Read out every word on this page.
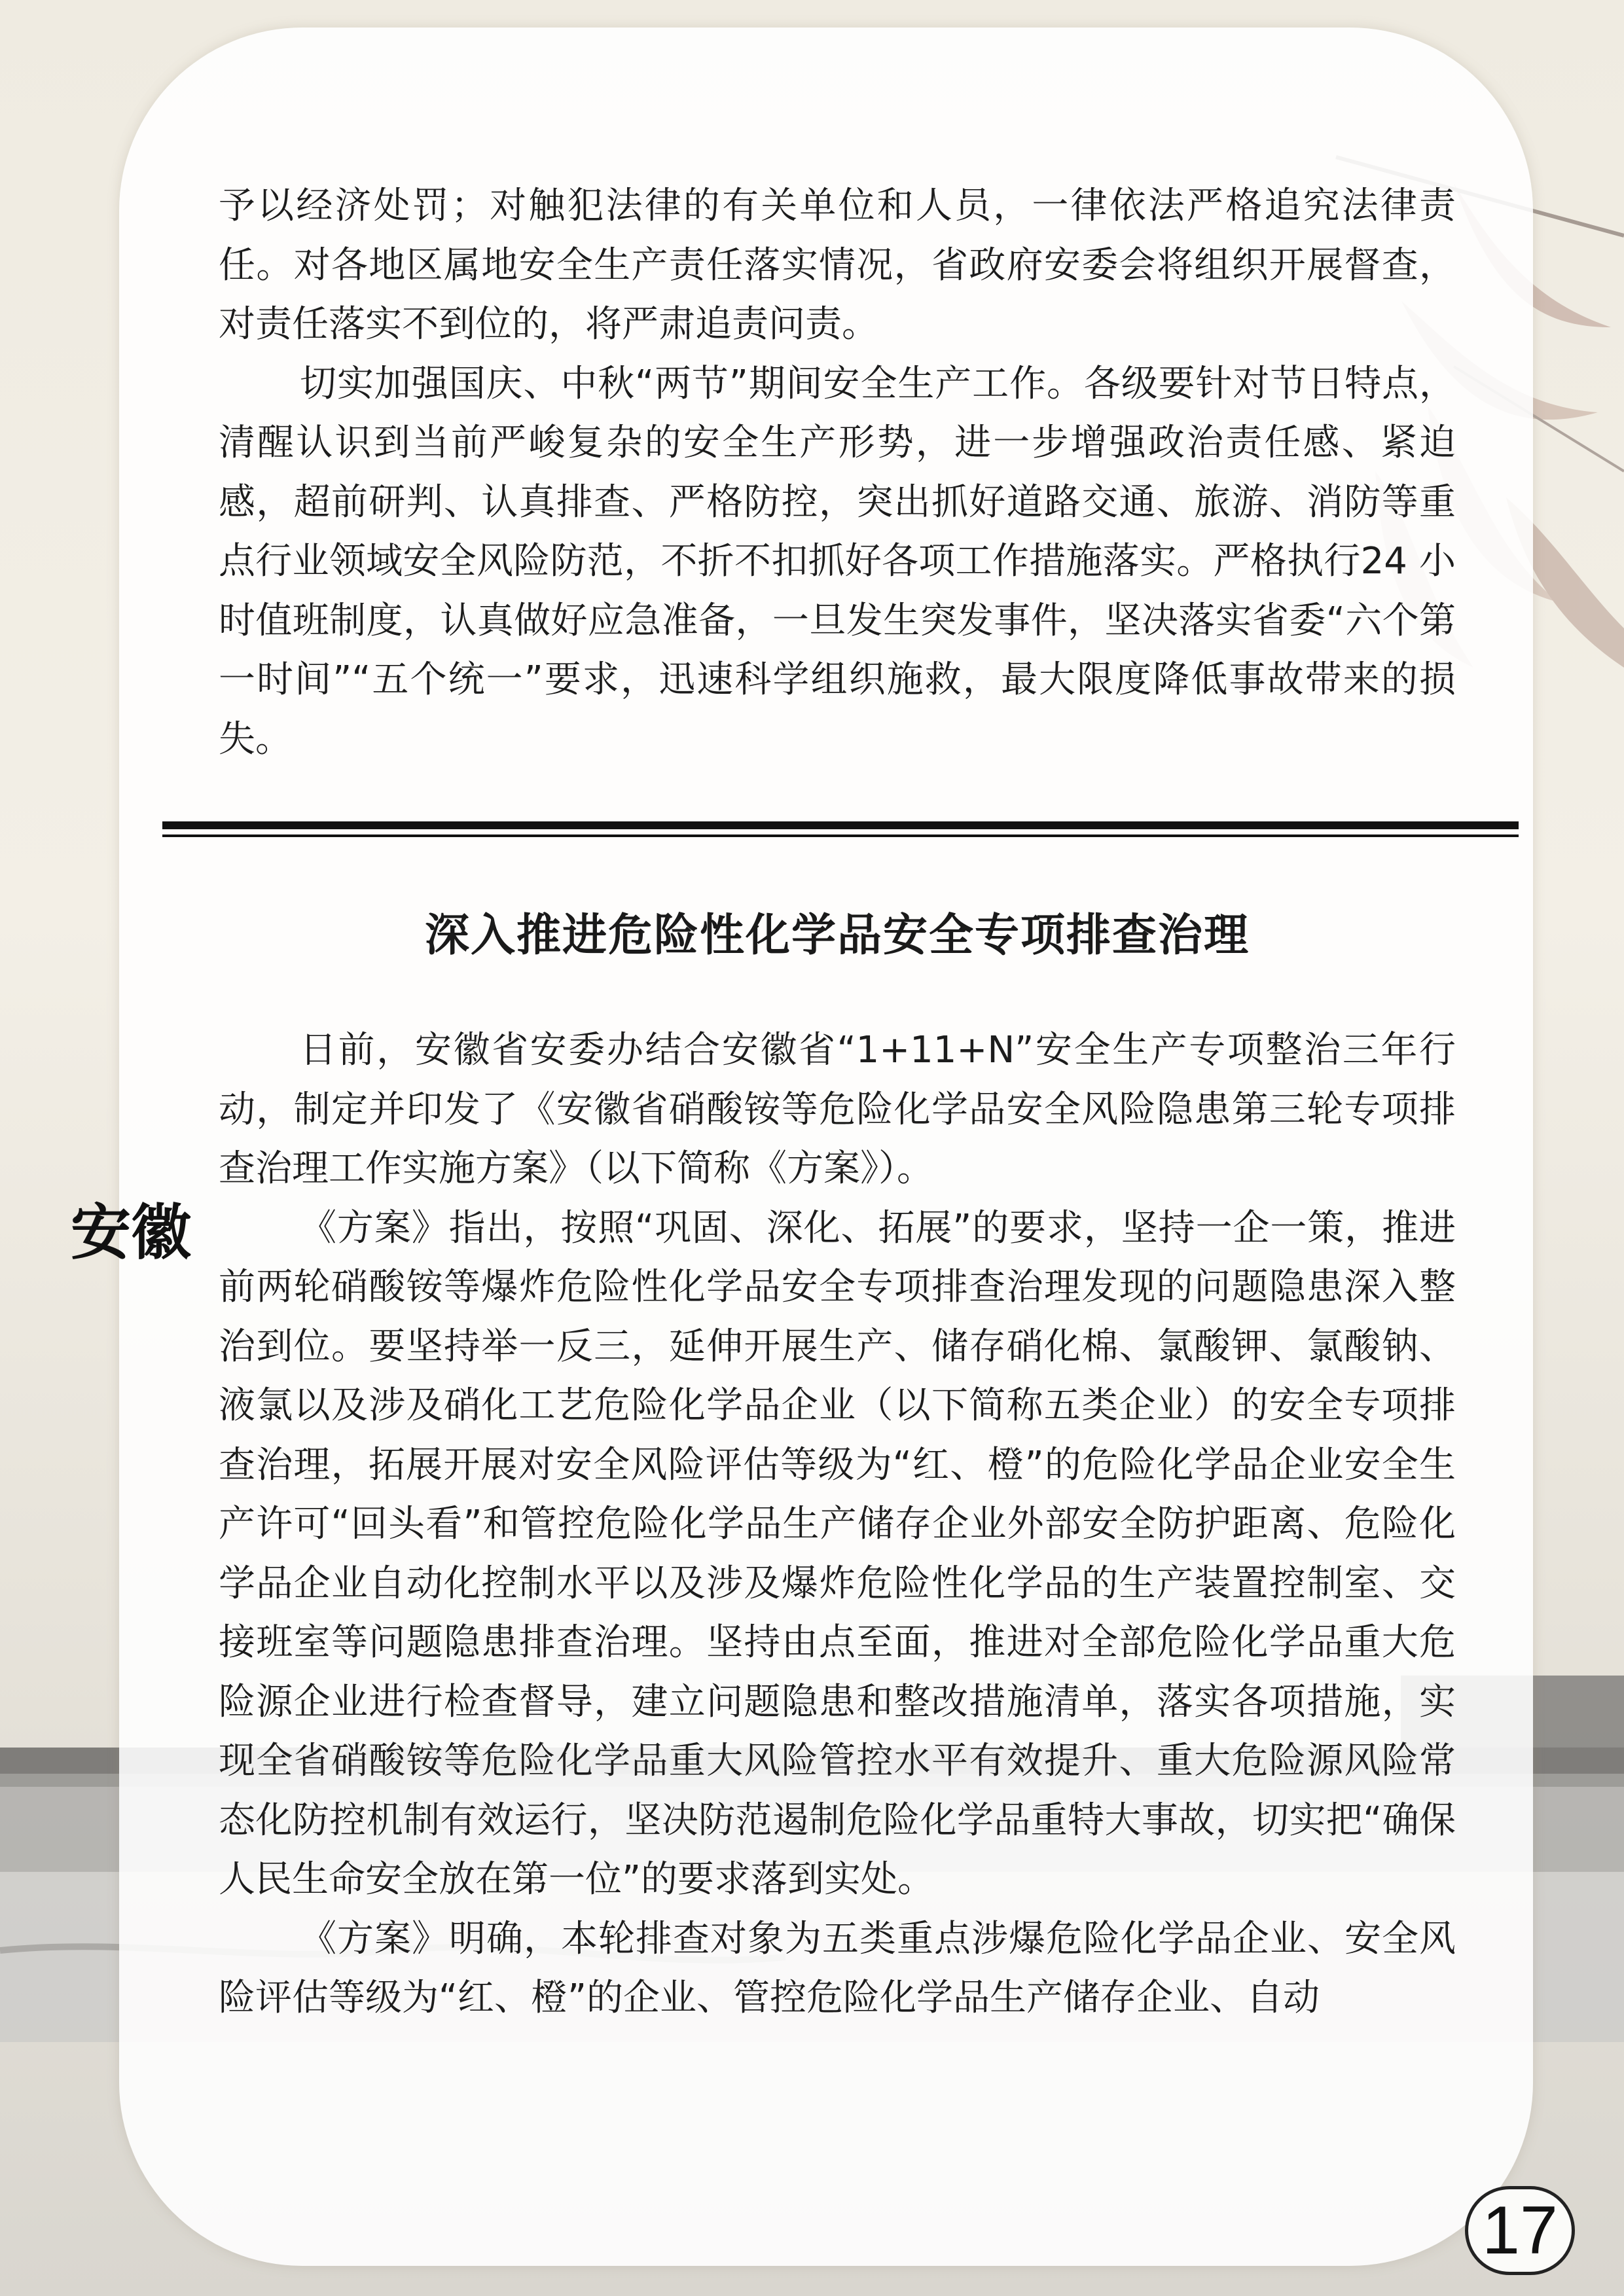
予以经济处罚；对触犯法律的有关单位和人员，一律依法严格追究法律责任。对各地区属地安全生产责任落实情况，省政府安委会将组织开展督查，对责任落实不到位的，将严肃追责问责。

切实加强国庆、中秋“两节”期间安全生产工作。各级要针对节日特点，清醒认识到当前严峻复杂的安全生产形势，进一步增强政治责任感、紧迫感，超前研判、认真排查、严格防控，突出抓好道路交通、旅游、消防等重点行业领域安全风险防范，不折不扣抓好各项工作措施落实。严格执行24 小时值班制度，认真做好应急准备，一旦发生突发事件，坚决落实省委“六个第一时间”“五个统一”要求，迅速科学组织施救，最大限度降低事故带来的损失。

深入推进危险性化学品安全专项排查治理
安徽

日前，安徽省安委办结合安徽省“1+11+N”安全生产专项整治三年行动，制定并印发了《安徽省硝酸铵等危险化学品安全风险隐患第三轮专项排查治理工作实施方案》（以下简称《方案》）。

《方案》指出，按照“巩固、深化、拓展”的要求，坚持一企一策，推进前两轮硝酸铵等爆炸危险性化学品安全专项排查治理发现的问题隐患深入整治到位。要坚持举一反三，延伸开展生产、储存硝化棉、氯酸钾、氯酸钠、液氯以及涉及硝化工艺危险化学品企业（以下简称五类企业）的安全专项排查治理，拓展开展对安全风险评估等级为“红、橙”的危险化学品企业安全生产许可“回头看”和管控危险化学品生产储存企业外部安全防护距离、危险化学品企业自动化控制水平以及涉及爆炸危险性化学品的生产装置控制室、交接班室等问题隐患排查治理。坚持由点至面，推进对全部危险化学品重大危险源企业进行检查督导，建立问题隐患和整改措施清单，落实各项措施，实现全省硝酸铵等危险化学品重大风险管控水平有效提升、重大危险源风险常态化防控机制有效运行，坚决防范遏制危险化学品重特大事故，切实把“确保人民生命安全放在第一位”的要求落到实处。

《方案》明确，本轮排查对象为五类重点涉爆危险化学品企业、安全风险评估等级为“红、橙”的企业、管控危险化学品生产储存企业、自动

17
